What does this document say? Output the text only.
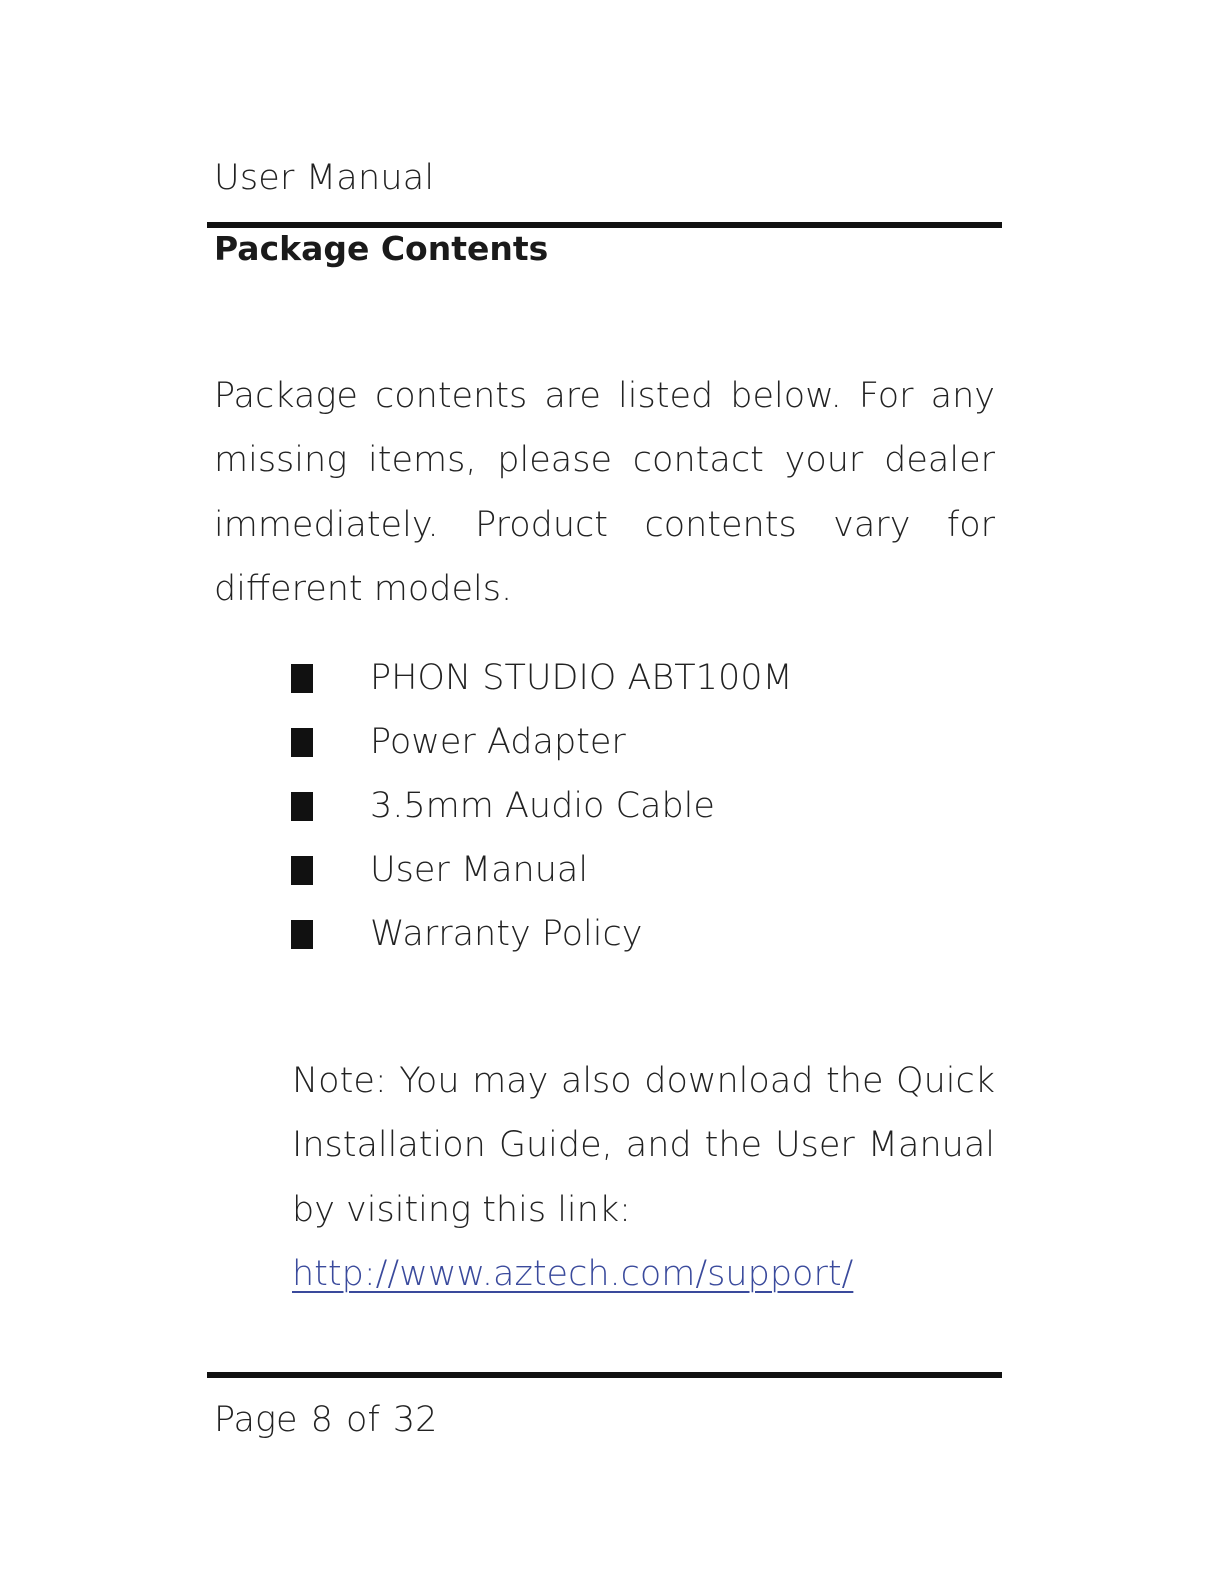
User Manual
Package Contents

Package contents are listed below. For any missing items, please contact your dealer immediately. Product contents vary for different models.

PHON STUDIO ABT100M
Power Adapter
3.5mm Audio Cable
User Manual
Warranty Policy
Note: You may also download the Quick Installation Guide, and the User Manual by visiting this link:
http://www.aztech.com/support/
Page 8 of 32
